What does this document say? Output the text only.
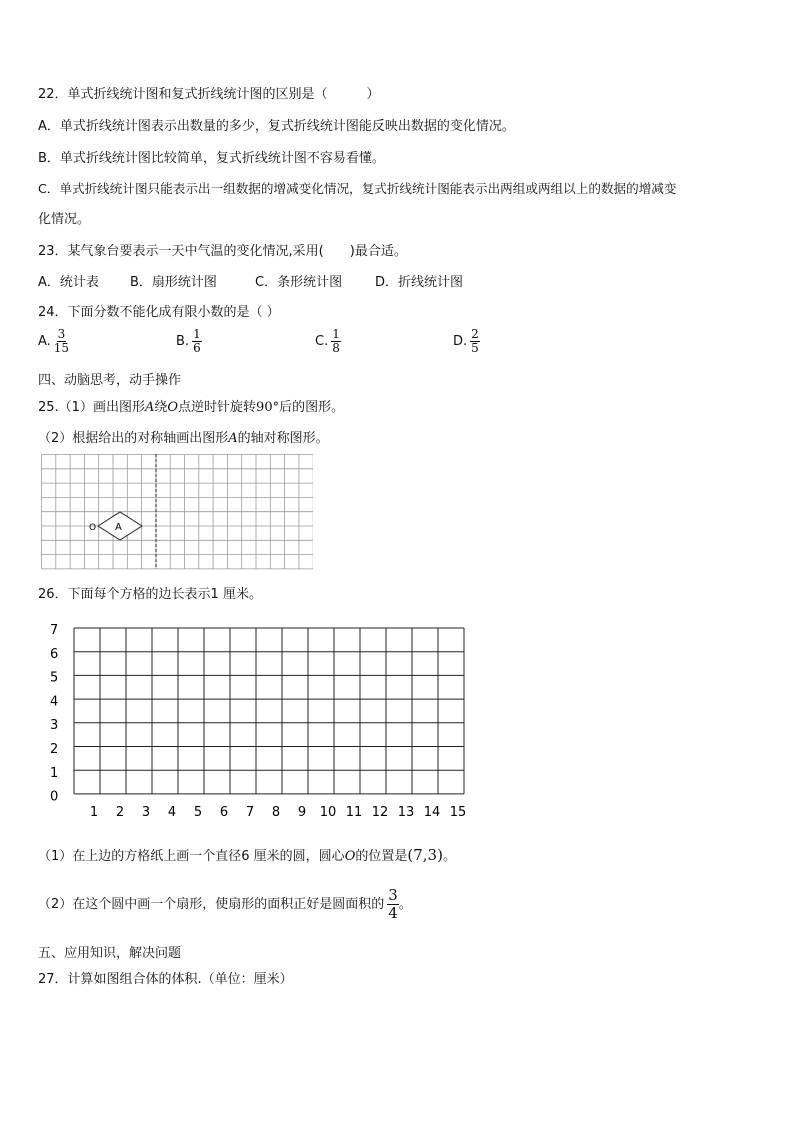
22．单式折线统计图和复式折线统计图的区别是（　　　）
A．单式折线统计图表示出数量的多少，复式折线统计图能反映出数据的变化情况。
B．单式折线统计图比较简单，复式折线统计图不容易看懂。
C．单式折线统计图只能表示出一组数据的增减变化情况，复式折线统计图能表示出两组或两组以上的数据的增减变
化情况。
23．某气象台要表示一天中气温的变化情况,采用(　　)最合适。
A．统计表 B．扇形统计图	C．条形统计图	D．折线统计图
24．下面分数不能化成有限小数的是（ ）
A. $\frac{3}{15}$	B. $\frac{1}{6}$	C. $\frac{1}{8}$	D. $\frac{2}{5}$
四、动脑思考，动手操作
25.（1）画出图形A绕O点逆时针旋转90°后的图形。
（2）根据给出的对称轴画出图形A的轴对称图形。
A
O
26．下面每个方格的边长表示1 厘米。
7
6
5
4
3
2
1
0
1 2 3 4 5 6 7 8 9 10 11 12 13 14 15
（1）在上边的方格纸上画一个直径6 厘米的圆，圆心O的位置是(7,3)。
（2）在这个圆中画一个扇形，使扇形的面积正好是圆面积的 $\frac{3}{4}$ 。
五、应用知识，解决问题
27．计算如图组合体的体积.（单位：厘米）
